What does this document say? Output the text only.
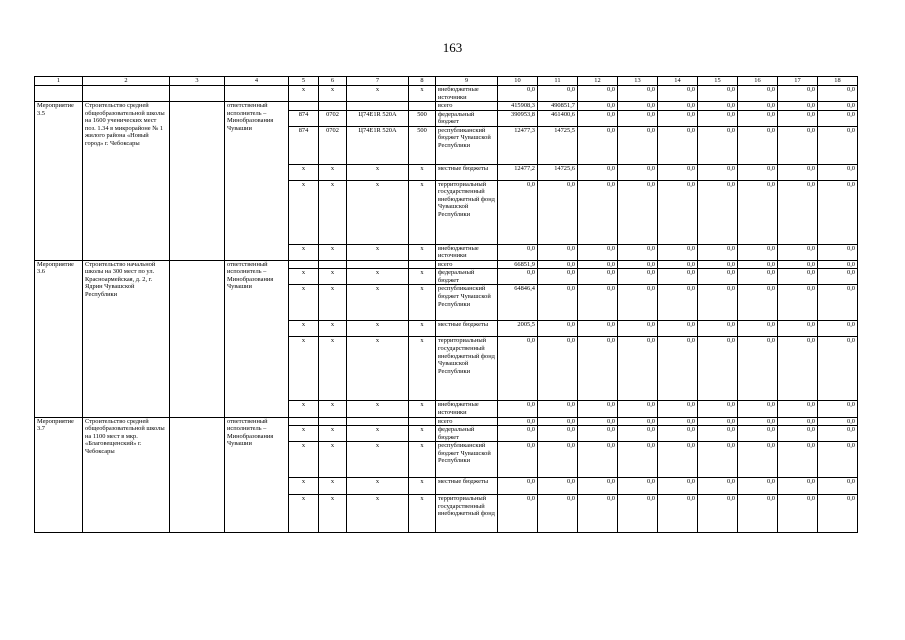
163
1	2	3	4	5	6	7	8	9	10	11	12	13	14	15	16	17	18
				x	x	x	x	внебюджетные источники	0,0	0,0	0,0	0,0	0,0	0,0	0,0	0,0	0,0
Мероприятие 3.5	Строительство средней общеобразовательной школы на 1600 ученических мест поз. 1.34 в микрорайоне № 1 жилого района «Новый город» г. Чебоксары		ответственный исполнитель – Минобразования Чувашии					всего	415908,3	490851,7	0,0	0,0	0,0	0,0	0,0	0,0	0,0
				874	0702	Ц74Е1R 520А	500	федеральный бюджет	390953,8	461400,6	0,0	0,0	0,0	0,0	0,0	0,0	0,0
				874	0702	Ц74Е1R 520А	500	республиканский бюджет Чувашской Республики	12477,3	14725,5	0,0	0,0	0,0	0,0	0,0	0,0	0,0
				x	x	x	x	местные бюджеты	12477,2	14725,6	0,0	0,0	0,0	0,0	0,0	0,0	0,0
				x	x	x	x	территориальный государственный внебюджетный фонд Чувашской Республики	0,0	0,0	0,0	0,0	0,0	0,0	0,0	0,0	0,0
				x	x	x	x	внебюджетные источники	0,0	0,0	0,0	0,0	0,0	0,0	0,0	0,0	0,0
Мероприятие 3.6	Строительство начальной школы на 300 мест по ул. Красноармейская, д. 2, г. Ядрин Чувашской Республики		ответственный исполнитель – Минобразования Чувашии					всего	66851,9	0,0	0,0	0,0	0,0	0,0	0,0	0,0	0,0
				x	x	x	x	федеральный бюджет	0,0	0,0	0,0	0,0	0,0	0,0	0,0	0,0	0,0
				x	x	x	x	республиканский бюджет Чувашской Республики	64846,4	0,0	0,0	0,0	0,0	0,0	0,0	0,0	0,0
				x	x	x	x	местные бюджеты	2005,5	0,0	0,0	0,0	0,0	0,0	0,0	0,0	0,0
				x	x	x	x	территориальный государственный внебюджетный фонд Чувашской Республики	0,0	0,0	0,0	0,0	0,0	0,0	0,0	0,0	0,0
				x	x	x	x	внебюджетные источники	0,0	0,0	0,0	0,0	0,0	0,0	0,0	0,0	0,0
Мероприятие 3.7	Строительство средней общеобразовательной школы на 1100 мест в мкр. «Благовещенский» г. Чебоксары		ответственный исполнитель – Минобразования Чувашии					всего	0,0	0,0	0,0	0,0	0,0	0,0	0,0	0,0	0,0
				x	x	x	x	федеральный бюджет	0,0	0,0	0,0	0,0	0,0	0,0	0,0	0,0	0,0
				x	x	x	x	республиканский бюджет Чувашской Республики	0,0	0,0	0,0	0,0	0,0	0,0	0,0	0,0	0,0
				x	x	x	x	местные бюджеты	0,0	0,0	0,0	0,0	0,0	0,0	0,0	0,0	0,0
				x	x	x	x	территориальный государственный внебюджетный фонд	0,0	0,0	0,0	0,0	0,0	0,0	0,0	0,0	0,0
